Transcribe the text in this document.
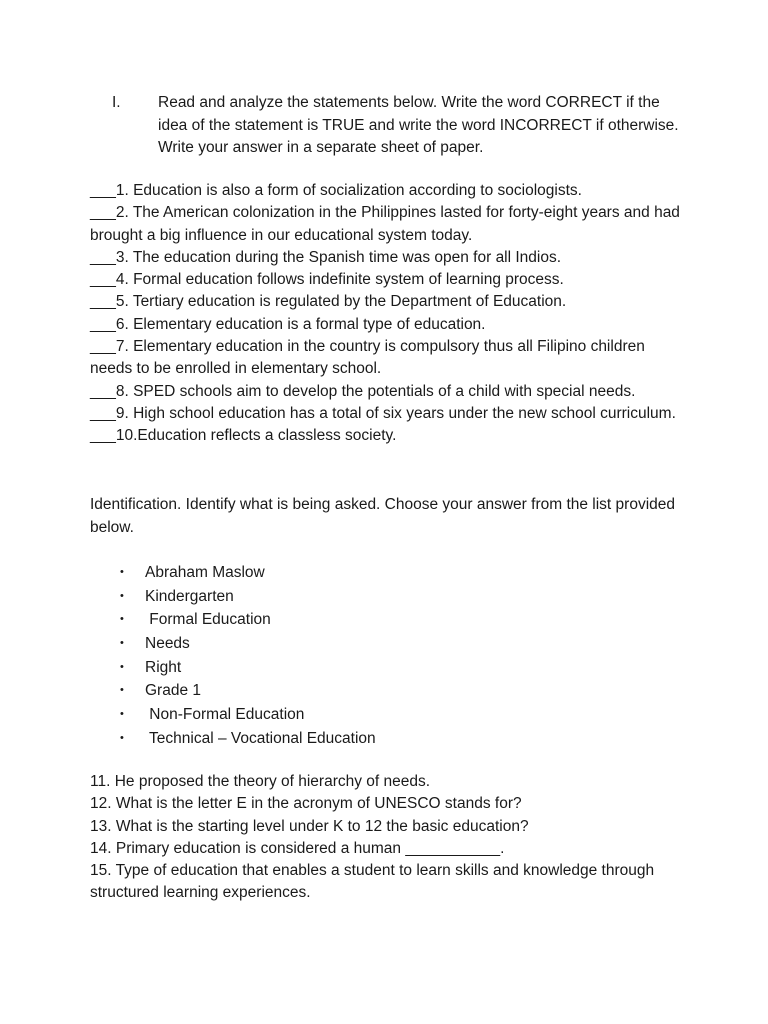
I. Read and analyze the statements below. Write the word CORRECT if the idea of the statement is TRUE and write the word INCORRECT if otherwise. Write your answer in a separate sheet of paper.

___1. Education is also a form of socialization according to sociologists.

___2. The American colonization in the Philippines lasted for forty-eight years and had brought a big influence in our educational system today.

___3. The education during the Spanish time was open for all Indios.

___4. Formal education follows indefinite system of learning process.

___5. Tertiary education is regulated by the Department of Education.

___6. Elementary education is a formal type of education.

___7. Elementary education in the country is compulsory thus all Filipino children needs to be enrolled in elementary school.

___8. SPED schools aim to develop the potentials of a child with special needs.

___9. High school education has a total of six years under the new school curriculum.

___10.Education reflects a classless society.

Identification. Identify what is being asked. Choose your answer from the list provided below.

• Abraham Maslow
• Kindergarten
• Formal Education
• Needs
• Right
• Grade 1
• Non-Formal Education
• Technical – Vocational Education

11. He proposed the theory of hierarchy of needs.

12. What is the letter E in the acronym of UNESCO stands for?

13. What is the starting level under K to 12 the basic education?

14. Primary education is considered a human ___________.

15. Type of education that enables a student to learn skills and knowledge through structured learning experiences.
